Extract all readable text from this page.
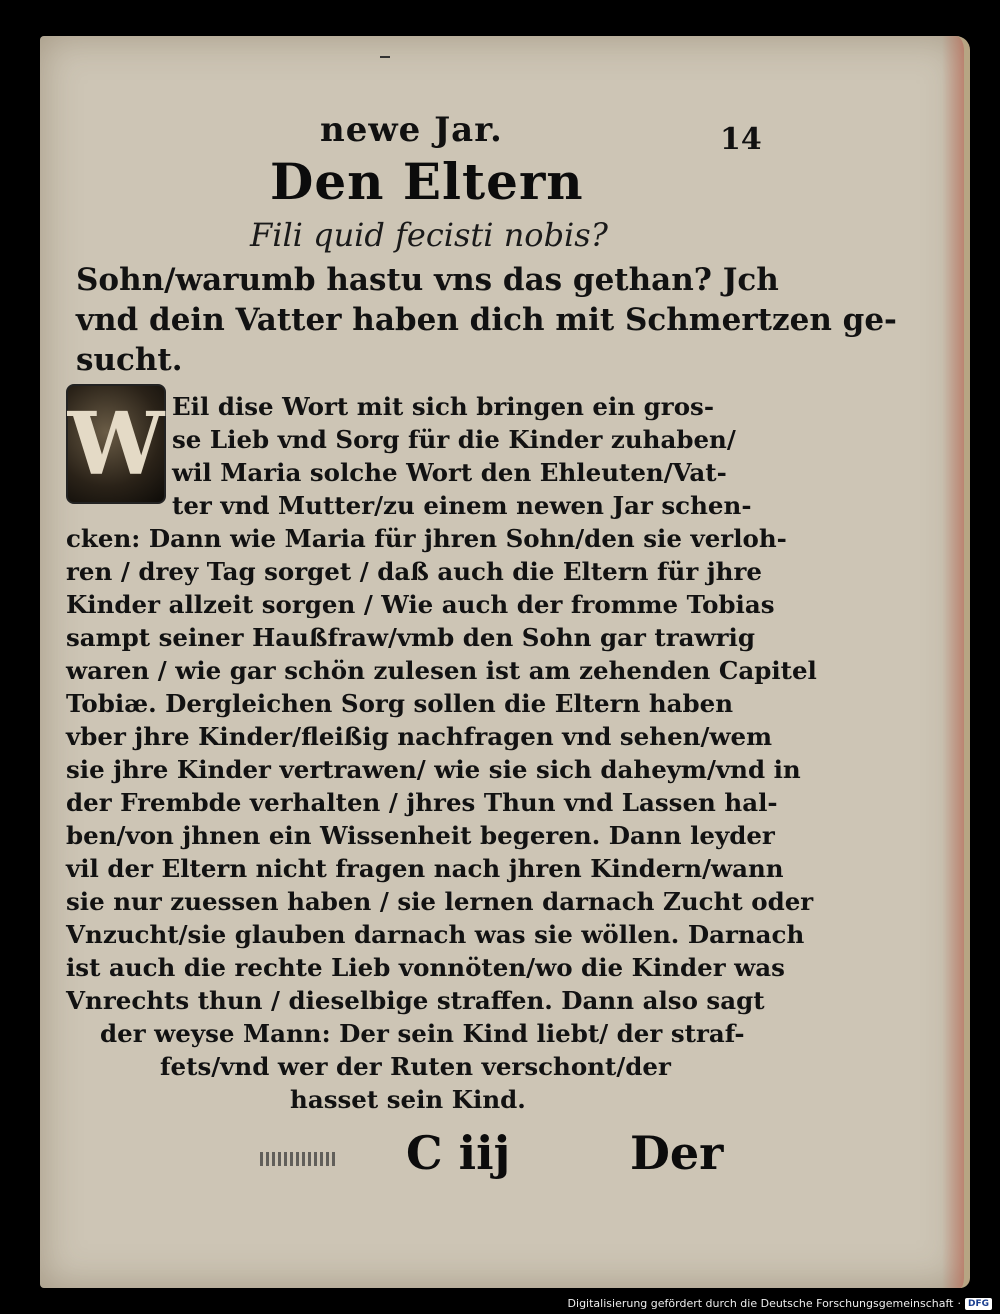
newe Jar.	14
Den Eltern
Fili quid fecisti nobis?
Sohn/warumb hastu vns das gethan? Jch
vnd dein Vatter haben dich mit Schmertzen ge-
sucht.
W Eil dise Wort mit sich bringen ein gros-
se Lieb vnd Sorg für die Kinder zuhaben/
wil Maria solche Wort den Ehleuten/Vat-
ter vnd Mutter/zu einem newen Jar schen-
cken: Dann wie Maria für jhren Sohn/den sie verloh-
ren / drey Tag sorget / daß auch die Eltern für jhre
Kinder allzeit sorgen / Wie auch der fromme Tobias
sampt seiner Haußfraw/vmb den Sohn gar trawrig
waren / wie gar schön zulesen ist am zehenden Capitel
Tobiæ. Dergleichen Sorg sollen die Eltern haben
vber jhre Kinder/fleißig nachfragen vnd sehen/wem
sie jhre Kinder vertrawen/ wie sie sich daheym/vnd in
der Frembde verhalten / jhres Thun vnd Lassen hal-
ben/von jhnen ein Wissenheit begeren. Dann leyder
vil der Eltern nicht fragen nach jhren Kindern/wann
sie nur zuessen haben / sie lernen darnach Zucht oder
Vnzucht/sie glauben darnach was sie wöllen. Darnach
ist auch die rechte Lieb vonnöten/wo die Kinder was
Vnrechts thun / dieselbige straffen. Dann also sagt
der weyse Mann: Der sein Kind liebt/ der straf-
fets/vnd wer der Ruten verschont/der
hasset sein Kind.
C iij	Der
Digitalisierung gefördert durch die Deutsche Forschungsgemeinschaft · DFG
